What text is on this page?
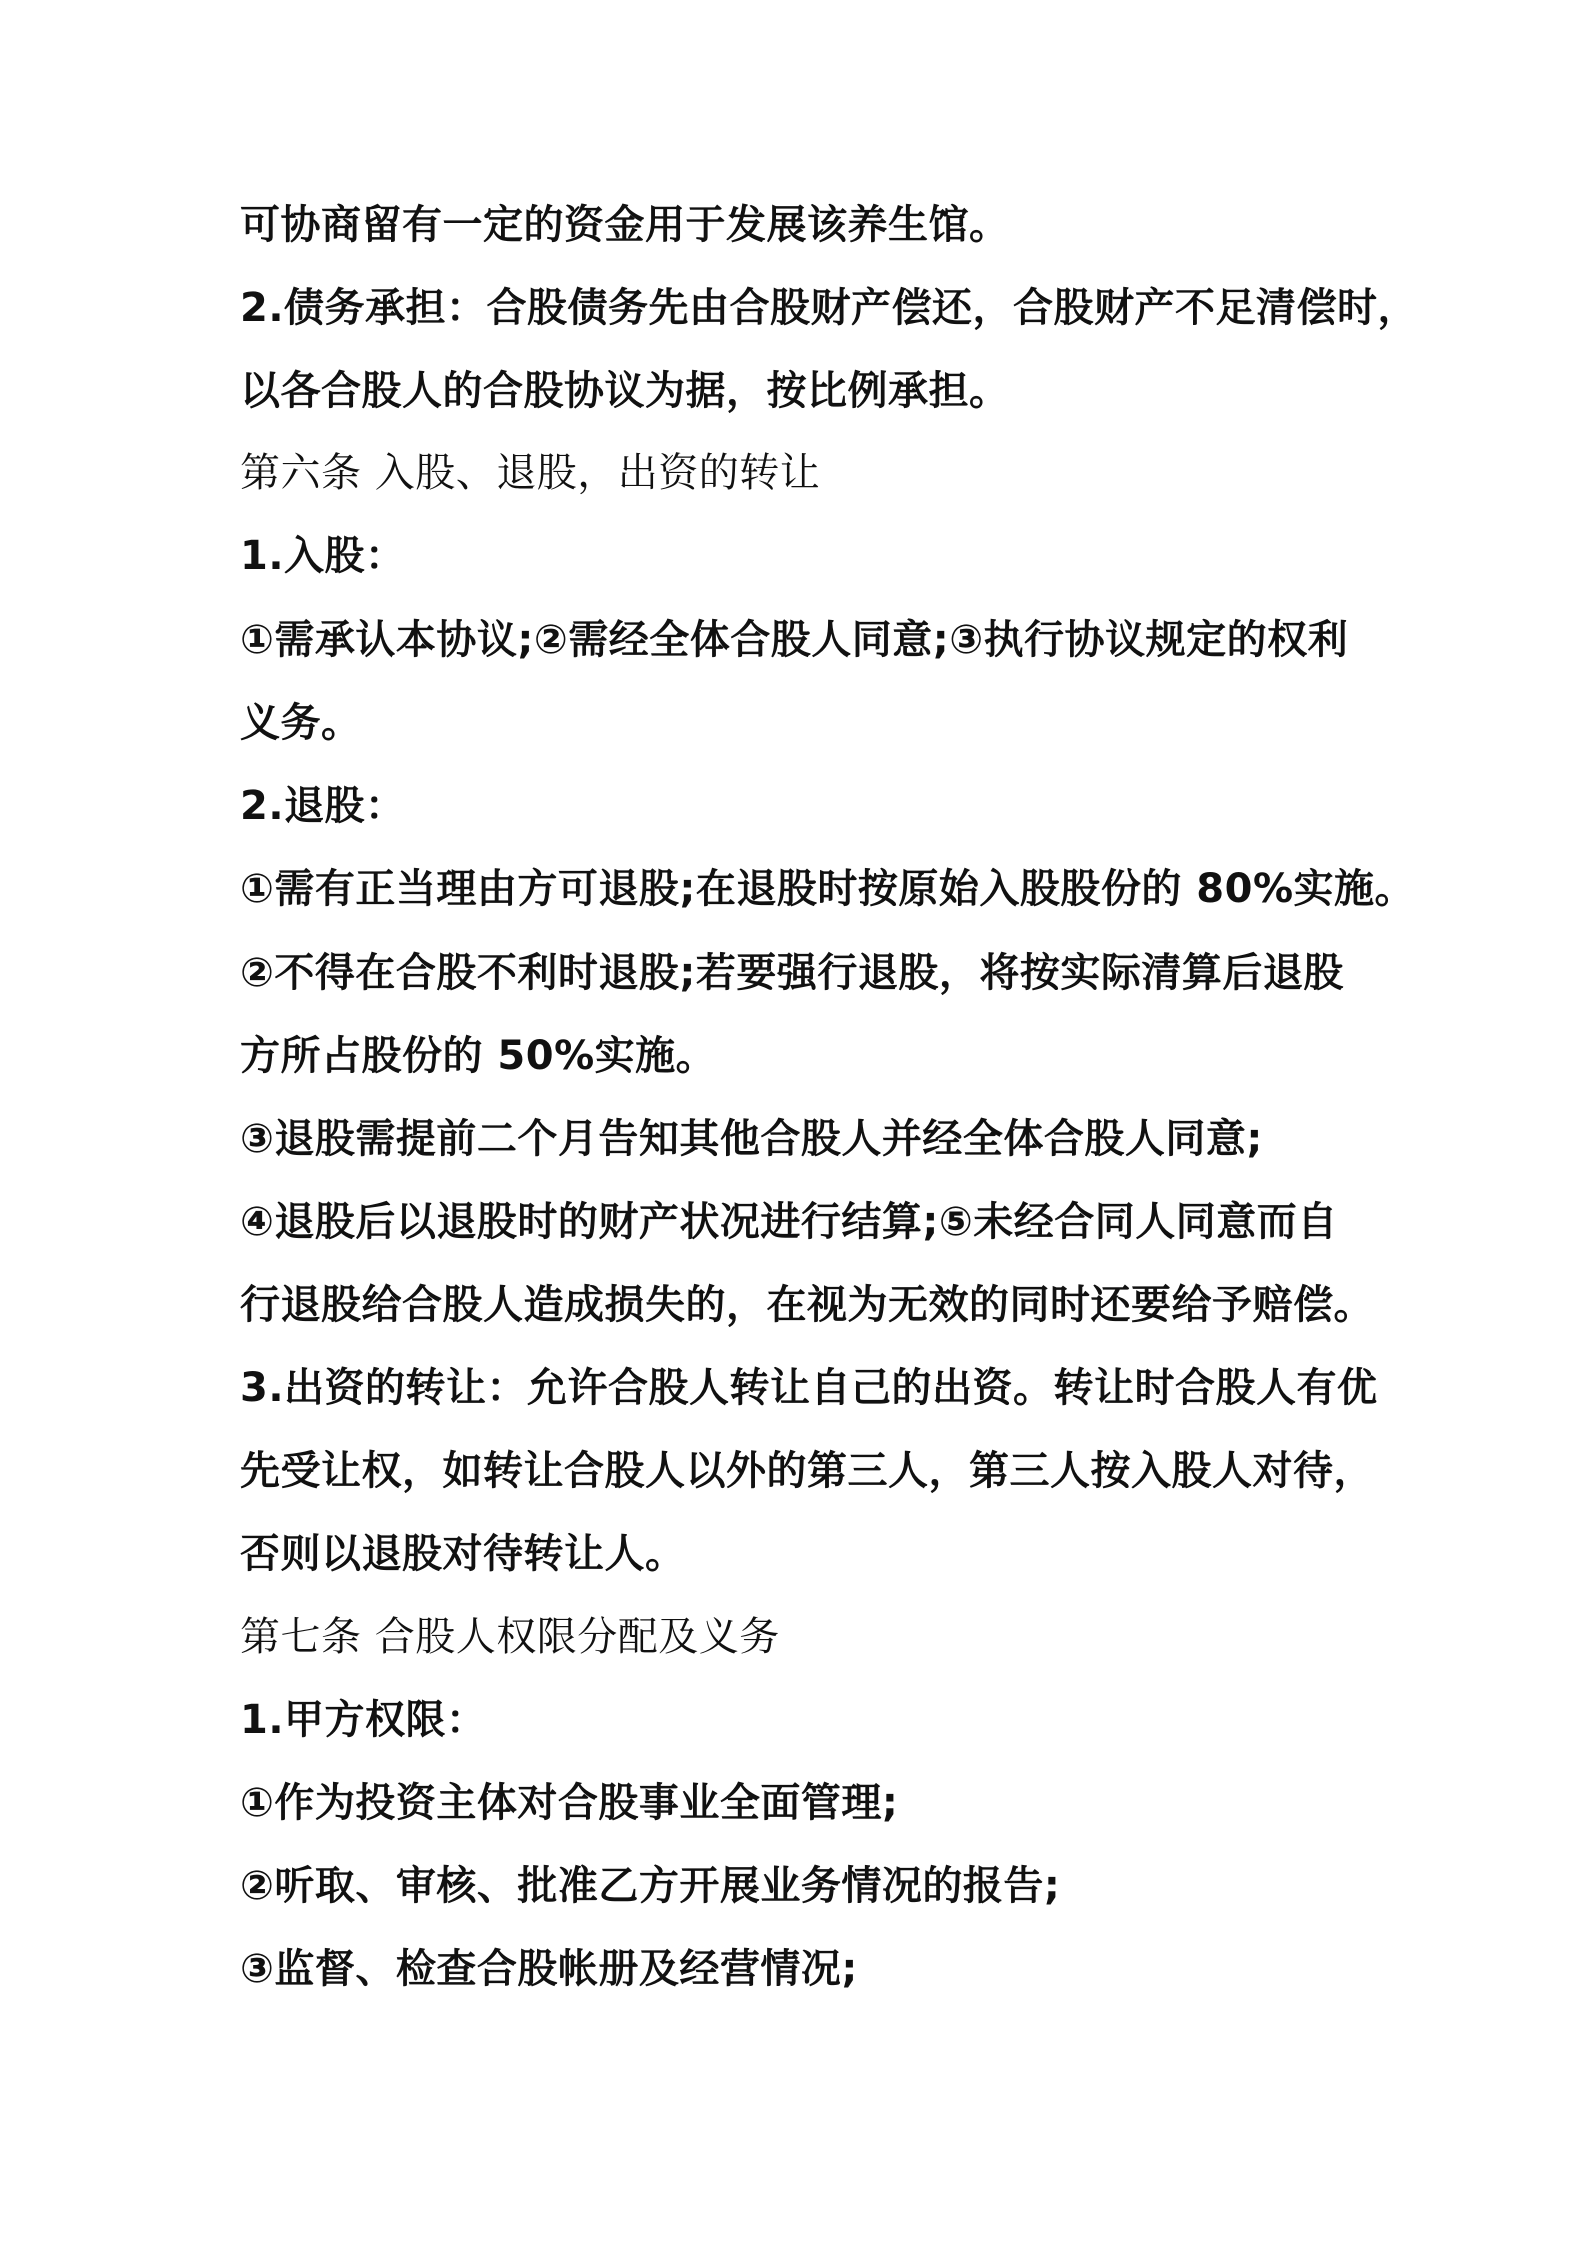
可协商留有一定的资金用于发展该养生馆。
2.债务承担：合股债务先由合股财产偿还，合股财产不足清偿时，
以各合股人的合股协议为据，按比例承担。
第六条 入股、退股，出资的转让
1.入股：
①需承认本协议;②需经全体合股人同意;③执行协议规定的权利
义务。
2.退股：
①需有正当理由方可退股;在退股时按原始入股股份的 80%实施。
②不得在合股不利时退股;若要强行退股，将按实际清算后退股
方所占股份的 50%实施。
③退股需提前二个月告知其他合股人并经全体合股人同意;
④退股后以退股时的财产状况进行结算;⑤未经合同人同意而自
行退股给合股人造成损失的，在视为无效的同时还要给予赔偿。
3.出资的转让：允许合股人转让自己的出资。转让时合股人有优
先受让权，如转让合股人以外的第三人，第三人按入股人对待，
否则以退股对待转让人。
第七条 合股人权限分配及义务
1.甲方权限：
①作为投资主体对合股事业全面管理;
②听取、审核、批准乙方开展业务情况的报告;
③监督、检查合股帐册及经营情况;
